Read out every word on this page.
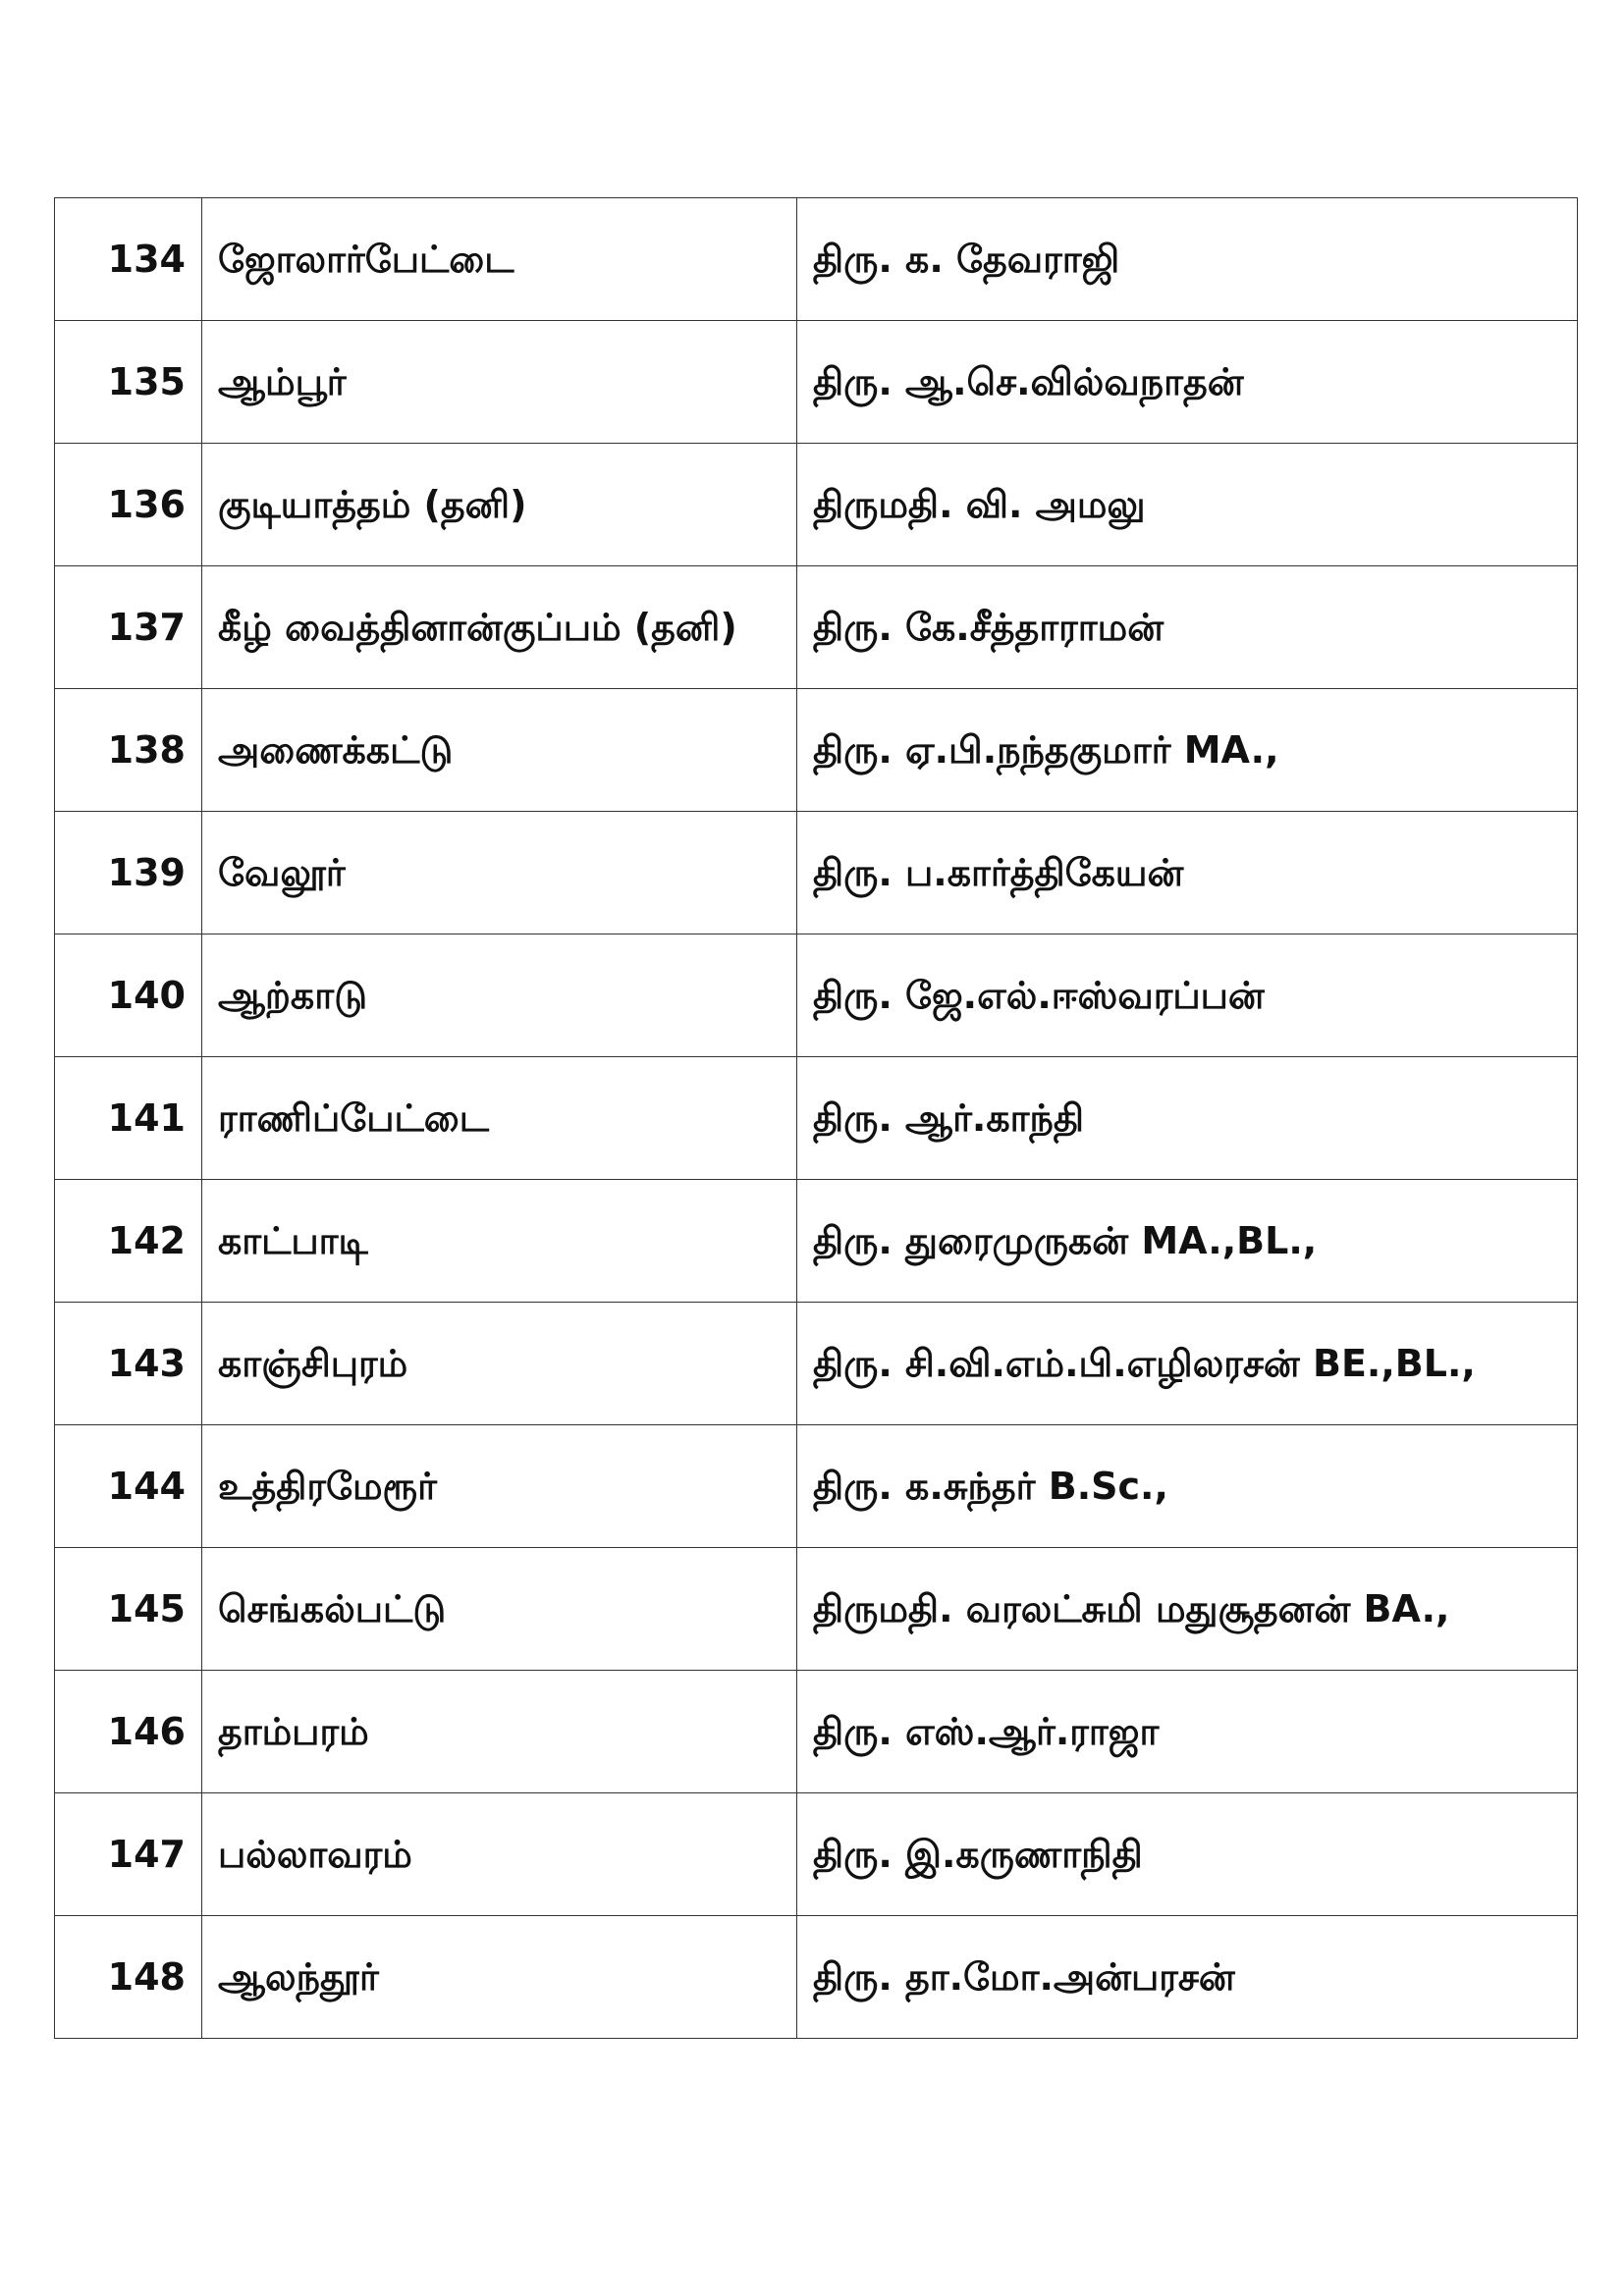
134	ஜோலார்பேட்டை	திரு. க. தேவராஜி
135	ஆம்பூர்	திரு. ஆ.செ.வில்வநாதன்
136	குடியாத்தம் (தனி)	திருமதி. வி. அமலு
137	கீழ் வைத்தினான்குப்பம் (தனி)	திரு. கே.சீத்தாராமன்
138	அணைக்கட்டு	திரு. ஏ.பி.நந்தகுமார் MA.,
139	வேலூர்	திரு. ப.கார்த்திகேயன்
140	ஆற்காடு	திரு. ஜே.எல்.ஈஸ்வரப்பன்
141	ராணிப்பேட்டை	திரு. ஆர்.காந்தி
142	காட்பாடி	திரு. துரைமுருகன் MA.,BL.,
143	காஞ்சிபுரம்	திரு. சி.வி.எம்.பி.எழிலரசன் BE.,BL.,
144	உத்திரமேரூர்	திரு. க.சுந்தர் B.Sc.,
145	செங்கல்பட்டு	திருமதி. வரலட்சுமி மதுசூதனன் BA.,
146	தாம்பரம்	திரு. எஸ்.ஆர்.ராஜா
147	பல்லாவரம்	திரு. இ.கருணாநிதி
148	ஆலந்தூர்	திரு. தா.மோ.அன்பரசன்
